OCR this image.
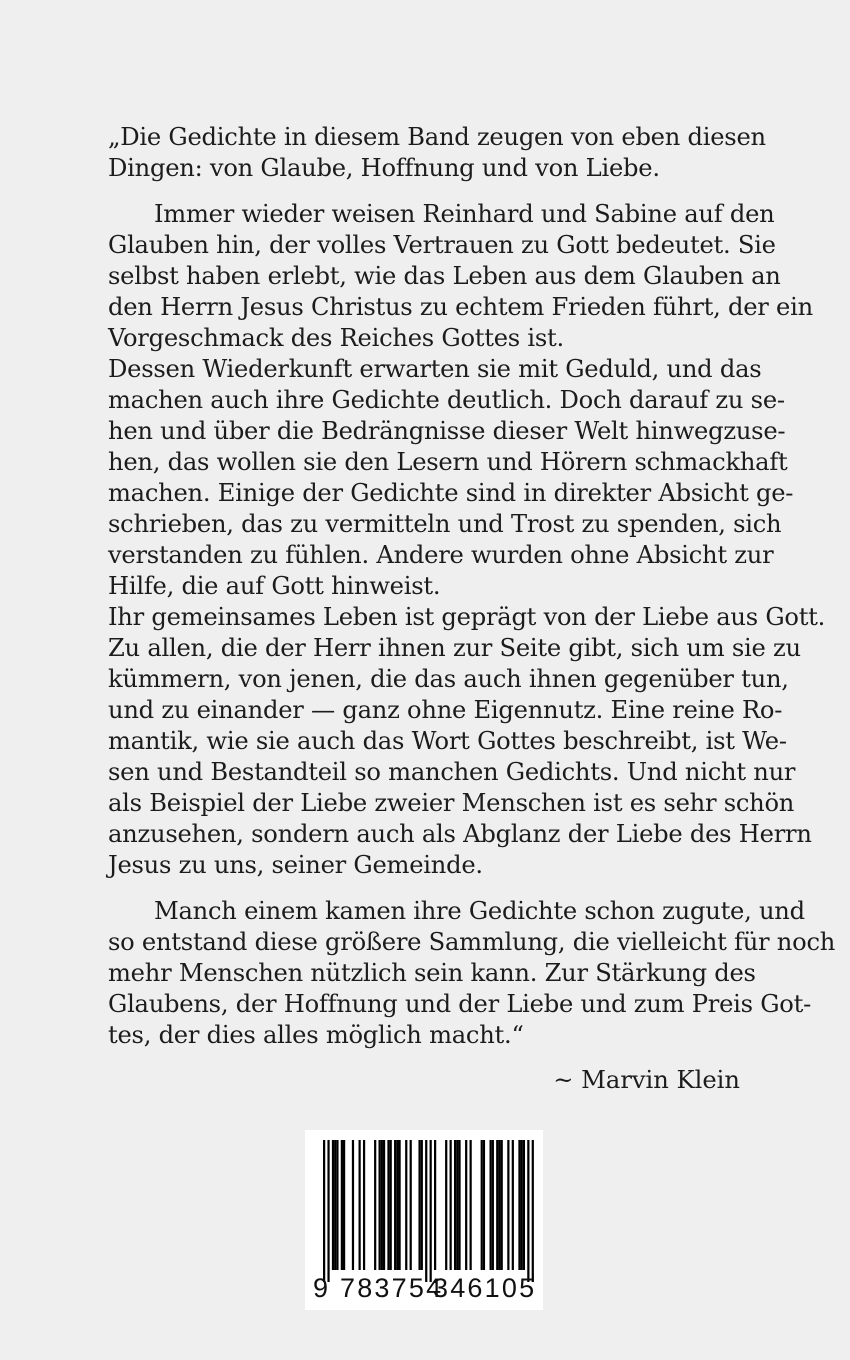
„Die Gedichte in diesem Band zeugen von eben diesen
Dingen: von Glaube, Hoffnung und von Liebe.
Immer wieder weisen Reinhard und Sabine auf den
Glauben hin, der volles Vertrauen zu Gott bedeutet. Sie
selbst haben erlebt, wie das Leben aus dem Glauben an
den Herrn Jesus Christus zu echtem Frieden führt, der ein
Vorgeschmack des Reiches Gottes ist.
Dessen Wiederkunft erwarten sie mit Geduld, und das
machen auch ihre Gedichte deutlich. Doch darauf zu se-
hen und über die Bedrängnisse dieser Welt hinwegzuse-
hen, das wollen sie den Lesern und Hörern schmackhaft
machen. Einige der Gedichte sind in direkter Absicht ge-
schrieben, das zu vermitteln und Trost zu spenden, sich
verstanden zu fühlen. Andere wurden ohne Absicht zur
Hilfe, die auf Gott hinweist.
Ihr gemeinsames Leben ist geprägt von der Liebe aus Gott.
Zu allen, die der Herr ihnen zur Seite gibt, sich um sie zu
kümmern, von jenen, die das auch ihnen gegenüber tun,
und zu einander — ganz ohne Eigennutz. Eine reine Ro-
mantik, wie sie auch das Wort Gottes beschreibt, ist We-
sen und Bestandteil so manchen Gedichts. Und nicht nur
als Beispiel der Liebe zweier Menschen ist es sehr schön
anzusehen, sondern auch als Abglanz der Liebe des Herrn
Jesus zu uns, seiner Gemeinde.
Manch einem kamen ihre Gedichte schon zugute, und
so entstand diese größere Sammlung, die vielleicht für noch
mehr Menschen nützlich sein kann. Zur Stärkung des
Glaubens, der Hoffnung und der Liebe und zum Preis Got-
tes, der dies alles möglich macht.“
~ Marvin Klein
9 783754
346105
